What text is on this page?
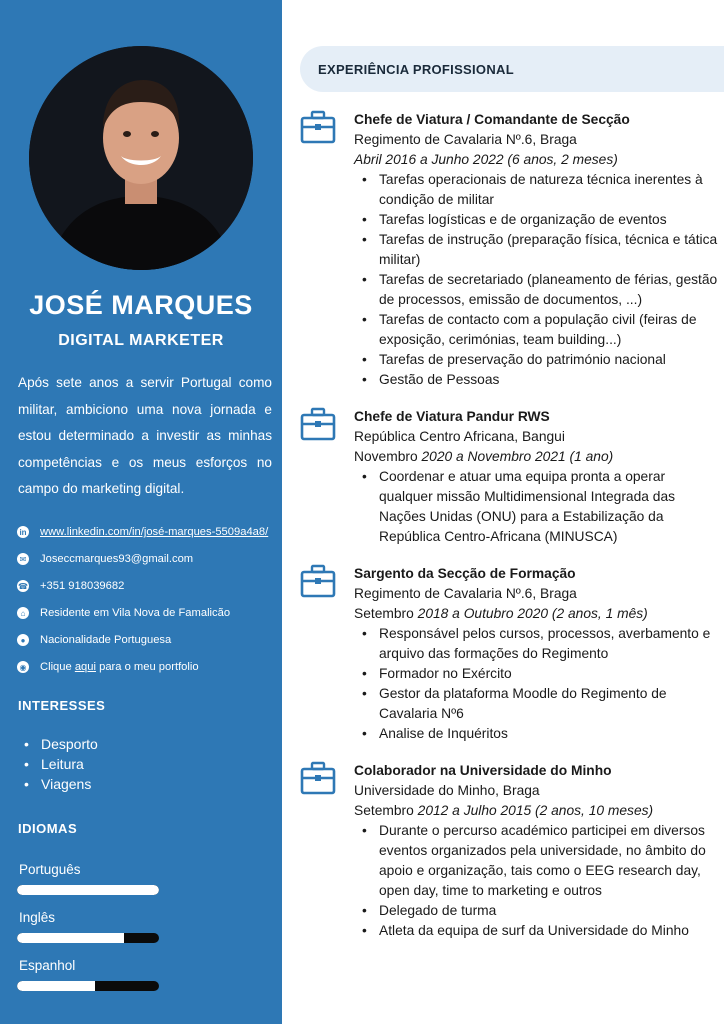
JOSÉ MARQUES
DIGITAL MARKETER

Após sete anos a servir Portugal como militar, ambiciono uma nova jornada e estou determinado a investir as minhas competências e os meus esforços no campo do marketing digital.

in www.linkedin.com/in/josé-marques-5509a4a8/
✉ Joseccmarques93@gmail.com
☎ +351 918039682
⌂	Residente em Vila Nova de Famalicão
●	Nacionalidade Portuguesa
◉ Clique aqui para o meu portfolio
INTERESSES
• Desporto
• Leitura
• Viagens
IDIOMAS
Português
Inglês
Espanhol
EXPERIÊNCIA PROFISSIONAL
Chefe de Viatura / Comandante de Secção
Regimento de Cavalaria Nº.6, Braga
Abril 2016 a Junho 2022 (6 anos, 2 meses)
• Tarefas operacionais de natureza técnica inerentes à condição de militar
• Tarefas logísticas e de organização de eventos
• Tarefas de instrução (preparação física, técnica e tática militar)
• Tarefas de secretariado (planeamento de férias, gestão de processos, emissão de documentos, ...)
• Tarefas de contacto com a população civil (feiras de exposição, cerimónias, team building...)
• Tarefas de preservação do património nacional
• Gestão de Pessoas
Chefe de Viatura Pandur RWS
República Centro Africana, Bangui
Novembro 2020 a Novembro 2021 (1 ano)
• Coordenar e atuar uma equipa pronta a operar qualquer missão Multidimensional Integrada das Nações Unidas (ONU) para a Estabilização da República Centro-Africana (MINUSCA)
Sargento da Secção de Formação
Regimento de Cavalaria Nº.6, Braga
Setembro 2018 a Outubro 2020 (2 anos, 1 mês)
• Responsável pelos cursos, processos, averbamento e arquivo das formações do Regimento
• Formador no Exército
• Gestor da plataforma Moodle do Regimento de Cavalaria Nº6
• Analise de Inquéritos
Colaborador na Universidade do Minho
Universidade do Minho, Braga
Setembro 2012 a Julho 2015 (2 anos, 10 meses)
• Durante o percurso académico participei em diversos eventos organizados pela universidade, no âmbito do apoio e organização, tais como o EEG research day, open day, time to marketing e outros
• Delegado de turma
• Atleta da equipa de surf da Universidade do Minho
